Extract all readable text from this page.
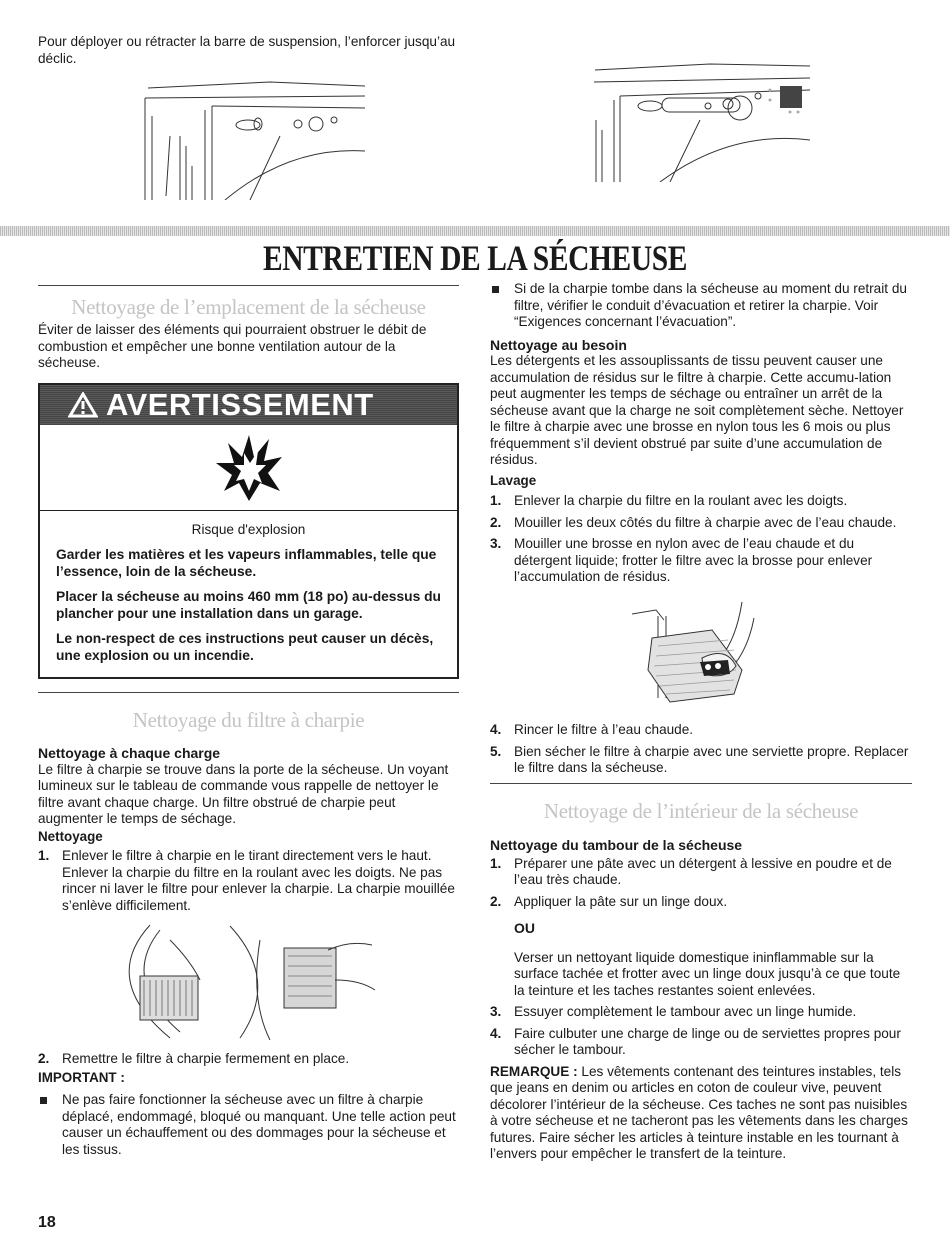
Pour déployer ou rétracter la barre de suspension, l’enforcer jusqu’au déclic.

ENTRETIEN DE LA SÉCHEUSE
Nettoyage de l’emplacement de la sécheuse

Éviter de laisser des éléments qui pourraient obstruer le débit de combustion et empêcher une bonne ventilation autour de la sécheuse.

AVERTISSEMENT

Risque d'explosion

Garder les matières et les vapeurs inflammables, telle que l’essence, loin de la sécheuse.

Placer la sécheuse au moins 460 mm (18 po) au-dessus du plancher pour une installation dans un garage.

Le non-respect de ces instructions peut causer un décès, une explosion ou un incendie.

Nettoyage du filtre à charpie

Nettoyage à chaque charge

Le filtre à charpie se trouve dans la porte de la sécheuse. Un voyant lumineux sur le tableau de commande vous rappelle de nettoyer le filtre avant chaque charge. Un filtre obstrué de charpie peut augmenter le temps de séchage.

Nettoyage

1. Enlever le filtre à charpie en le tirant directement vers le haut. Enlever la charpie du filtre en la roulant avec les doigts. Ne pas rincer ni laver le filtre pour enlever la charpie. La charpie mouillée s’enlève difficilement.
2. Remettre le filtre à charpie fermement en place.

IMPORTANT :

Ne pas faire fonctionner la sécheuse avec un filtre à charpie déplacé, endommagé, bloqué ou manquant. Une telle action peut causer un échauffement ou des dommages pour la sécheuse et les tissus.
Si de la charpie tombe dans la sécheuse au moment du retrait du filtre, vérifier le conduit d’évacuation et retirer la charpie. Voir “Exigences concernant l’évacuation”.

Nettoyage au besoin

Les détergents et les assouplissants de tissu peuvent causer une accumulation de résidus sur le filtre à charpie. Cette accumu-lation peut augmenter les temps de séchage ou entraîner un arrêt de la sécheuse avant que la charge ne soit complètement sèche. Nettoyer le filtre à charpie avec une brosse en nylon tous les 6 mois ou plus fréquemment s’il devient obstrué par suite d’une accumulation de résidus.

Lavage

1. Enlever la charpie du filtre en la roulant avec les doigts.
2. Mouiller les deux côtés du filtre à charpie avec de l’eau chaude.
3. Mouiller une brosse en nylon avec de l’eau chaude et du détergent liquide; frotter le filtre avec la brosse pour enlever l’accumulation de résidus.
4. Rincer le filtre à l’eau chaude.
5. Bien sécher le filtre à charpie avec une serviette propre. Replacer le filtre dans la sécheuse.
Nettoyage de l’intérieur de la sécheuse

Nettoyage du tambour de la sécheuse

1. Préparer une pâte avec un détergent à lessive en poudre et de l’eau très chaude.
2. Appliquer la pâte sur un linge doux.

OU

Verser un nettoyant liquide domestique ininflammable sur la surface tachée et frotter avec un linge doux jusqu’à ce que toute la teinture et les taches restantes soient enlevées.

3. Essuyer complètement le tambour avec un linge humide.
4. Faire culbuter une charge de linge ou de serviettes propres pour sécher le tambour.

REMARQUE : Les vêtements contenant des teintures instables, tels que jeans en denim ou articles en coton de couleur vive, peuvent décolorer l’intérieur de la sécheuse. Ces taches ne sont pas nuisibles à votre sécheuse et ne tacheront pas les vêtements dans les charges futures. Faire sécher les articles à teinture instable en les tournant à l’envers pour empêcher le transfert de la teinture.

18
